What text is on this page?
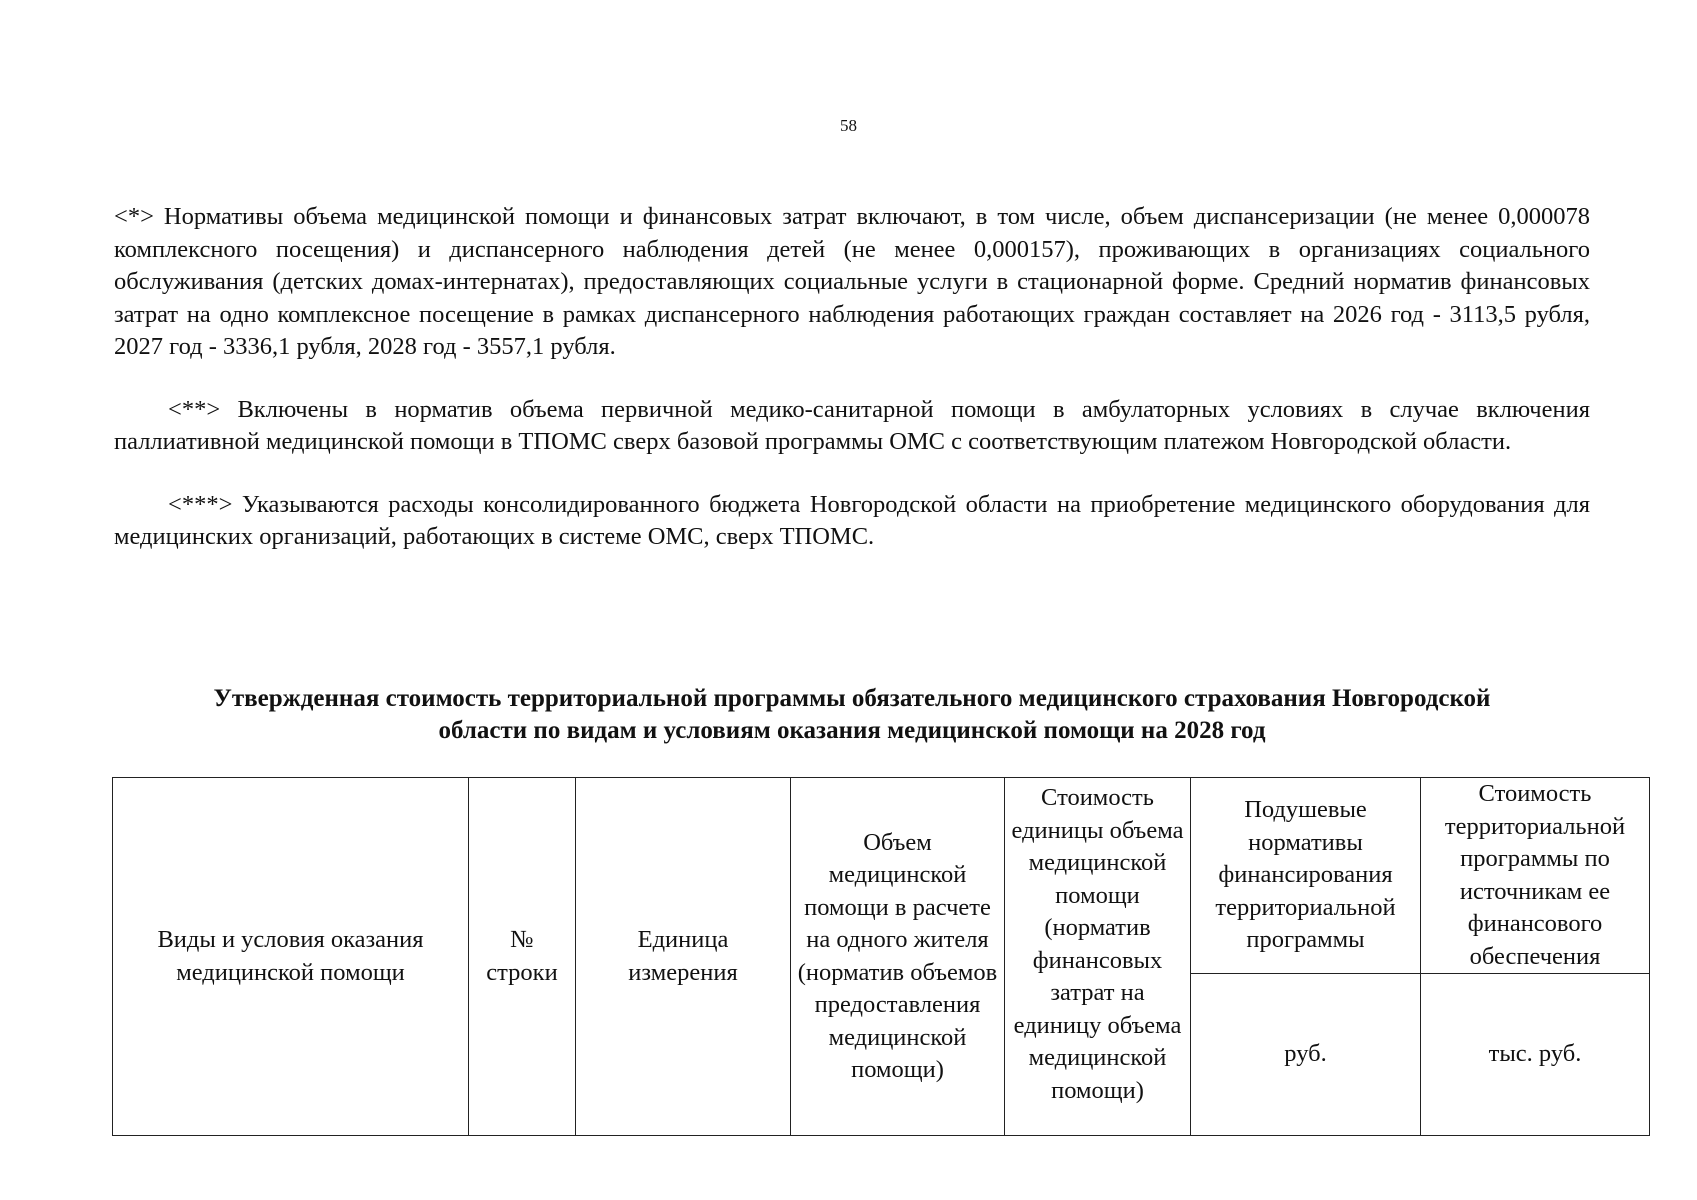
58

<*> Нормативы объема медицинской помощи и финансовых затрат включают, в том числе, объем диспансеризации (не менее 0,000078 комплексного посещения) и диспансерного наблюдения детей (не менее 0,000157), проживающих в организациях социального обслуживания (детских домах-интернатах), предоставляющих социальные услуги в стационарной форме. Средний норматив финансовых затрат на одно комплексное посещение в рамках диспансерного наблюдения работающих граждан составляет на 2026 год - 3113,5 рубля, 2027 год - 3336,1 рубля, 2028 год - 3557,1 рубля.

<**> Включены в норматив объема первичной медико-санитарной помощи в амбулаторных условиях в случае включения паллиативной медицинской помощи в ТПОМС сверх базовой программы ОМС с соответствующим платежом Новгородской области.

<***> Указываются расходы консолидированного бюджета Новгородской области на приобретение медицинского оборудования для медицинских организаций, работающих в системе ОМС, сверх ТПОМС.

Утвержденная стоимость территориальной программы обязательного медицинского страхования Новгородской

области по видам и условиям оказания медицинской помощи на 2028 год

Виды и условия оказания медицинской помощи	№ строки	Единица измерения	Объем медицинской помощи в расчете на одного жителя (норматив объемов предоставления медицинской помощи)	Стоимость единицы объема медицинской помощи (норматив финансовых затрат на единицу объема медицинской помощи)	Подушевые нормативы финансирования территориальной программы	Стоимость территориальной программы по источникам ее финансового обеспечения
					руб.	тыс. руб.
